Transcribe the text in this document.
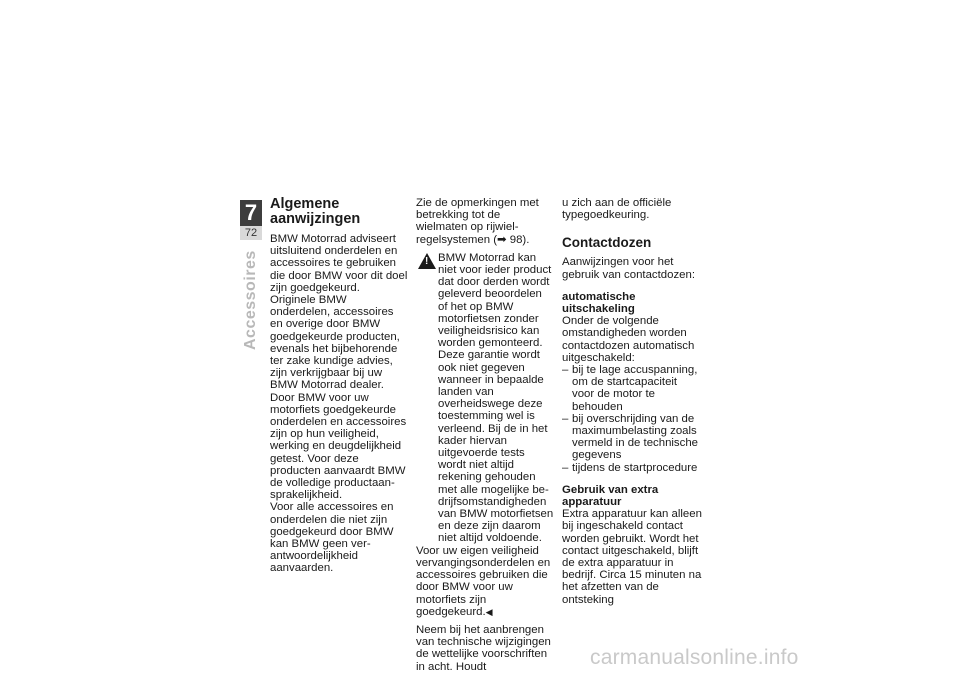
7
72
Accessoires
Algemene aanwijzingen

BMW Motorrad adviseert uitsluitend onderdelen en accessoires te gebruiken die door BMW voor dit doel zijn goedgekeurd.

Originele BMW onderdelen, accessoires en overige door BMW goedgekeurde producten, evenals het bijbehorende ter zake kundige advies, zijn verkrijgbaar bij uw BMW Motorrad dealer.

Door BMW voor uw motorfiets goedgekeurde onderdelen en accessoires zijn op hun veiligheid, werking en deugdelijkheid getest. Voor deze producten aanvaardt BMW de volledige productaansprakelijkheid.

Voor alle accessoires en onderdelen die niet zijn goedgekeurd door BMW kan BMW geen verantwoordelijkheid aanvaarden.

Zie de opmerkingen met betrekking tot de wielmaten op rijwielregelsystemen (➡ 98).

!

BMW Motorrad kan niet voor ieder product dat door derden wordt geleverd beoordelen of het op BMW motorfietsen zonder veiligheidsrisico kan worden gemonteerd. Deze garantie wordt ook niet gegeven wanneer in bepaalde landen van overheidswege deze toestemming wel is verleend. Bij de in het kader hiervan uitgevoerde tests wordt niet altijd rekening gehouden met alle mogelijke bedrijfsomstandigheden van BMW motorfietsen en deze zijn daarom niet altijd voldoende.

Voor uw eigen veiligheid vervangingsonderdelen en accessoires gebruiken die door BMW voor uw motorfiets zijn goedgekeurd.◀

Neem bij het aanbrengen van technische wijzigingen de wettelijke voorschriften in acht. Houdt

u zich aan de officiële typegoedkeuring.

Contactdozen

Aanwijzingen voor het gebruik van contactdozen:

automatische uitschakeling

Onder de volgende omstandigheden worden contactdozen automatisch uitgeschakeld:

– bij te lage accuspanning, om de startcapaciteit voor de motor te behouden
– bij overschrijding van de maximumbelasting zoals vermeld in de technische gegevens
– tijdens de startprocedure
Gebruik van extra apparatuur

Extra apparatuur kan alleen bij ingeschakeld contact worden gebruikt. Wordt het contact uitgeschakeld, blijft de extra apparatuur in bedrijf. Circa 15 minuten na het afzetten van de ontsteking

carmanualsonline.info
